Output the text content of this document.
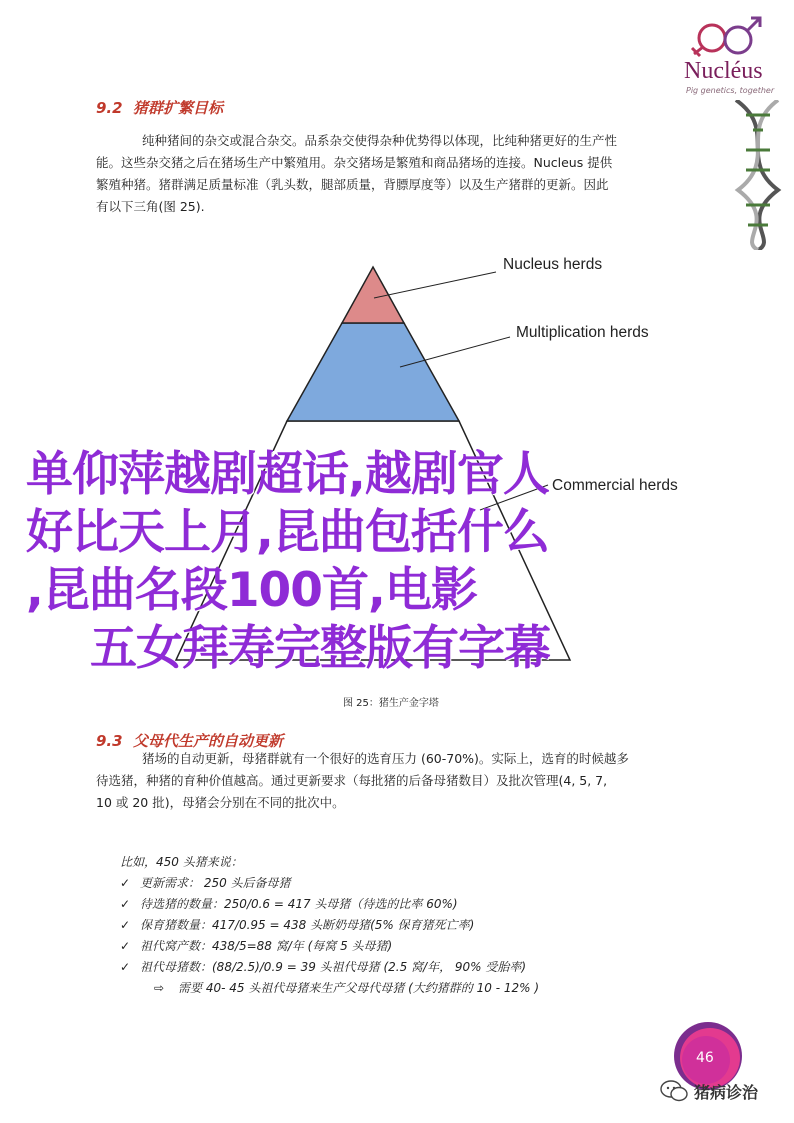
Nucléus
Pig genetics, together
9.2  猪群扩繁目标
纯种猪间的杂交或混合杂交。品系杂交使得杂种优势得以体现，比纯种猪更好的生产性
能。这些杂交猪之后在猪场生产中繁殖用。杂交猪场是繁殖和商品猪场的连接。Nucleus 提供
繁殖种猪。猪群满足质量标准（乳头数，腿部质量，背膘厚度等）以及生产猪群的更新。因此
有以下三角(图 25).
Nucleus herds
Multiplication herds
Commercial herds
单仰萍越剧超话,越剧官人
好比天上月,昆曲包括什么
,昆曲名段100首,电影
五女拜寿完整版有字幕
图 25：猪生产金字塔
9.3  父母代生产的自动更新
猪场的自动更新，母猪群就有一个很好的选育压力 (60-70%)。实际上，选育的时候越多
待选猪，种猪的育种价值越高。通过更新要求（每批猪的后备母猪数目）及批次管理(4, 5, 7,
10 或 20 批)，母猪会分别在不同的批次中。
比如，450 头猪来说：
✓ 更新需求： 250 头后备母猪
✓ 待选猪的数量：250/0.6 = 417 头母猪（待选的比率 60%)
✓ 保育猪数量：417/0.95 = 438 头断奶母猪(5% 保育猪死亡率)
✓ 祖代窝产数：438/5=88 窝/年 (每窝 5 头母猪)
✓ 祖代母猪数：(88/2.5)/0.9 = 39 头祖代母猪 (2.5 窝/年， 90% 受胎率)
⇨ 需要 40- 45 头祖代母猪来生产父母代母猪 (大约猪群的 10 - 12% )
46
猪病诊治
